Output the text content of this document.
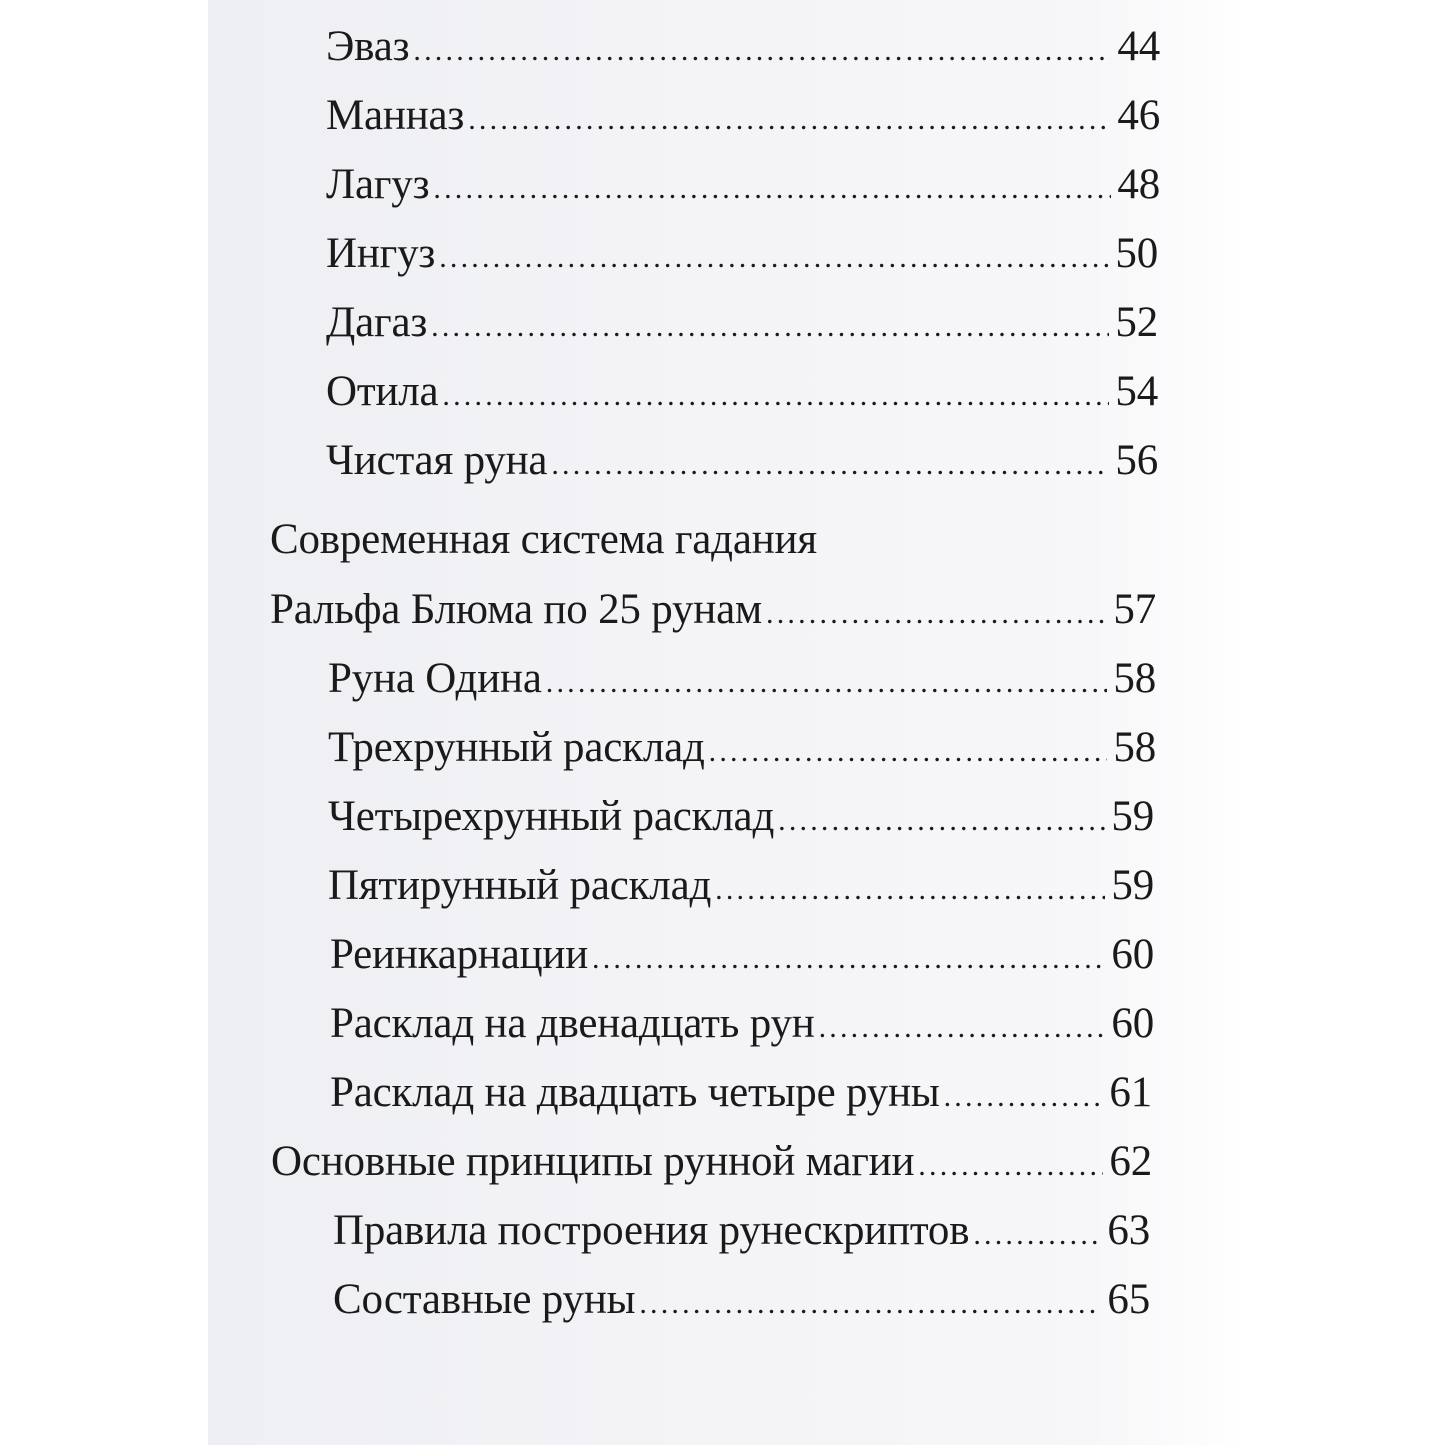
Эваз .....	44
Манназ .....	46
Лагуз .....	48
Ингуз .....	50
Дагаз .....	52
Отила .....	54
Чистая руна .....	56
Современная система гадания
Ральфа Блюма по 25 рунам .....	57
Руна Одина .....	58
Трехрунный расклад .....	58
Четырехрунный расклад .....	59
Пятирунный расклад .....	59
Реинкарнации .....	60
Расклад на двенадцать рун .....	60
Расклад на двадцать четыре руны .....	61
Основные принципы рунной магии .....	62
Правила построения рунескриптов .....	63
Составные руны .....	65
